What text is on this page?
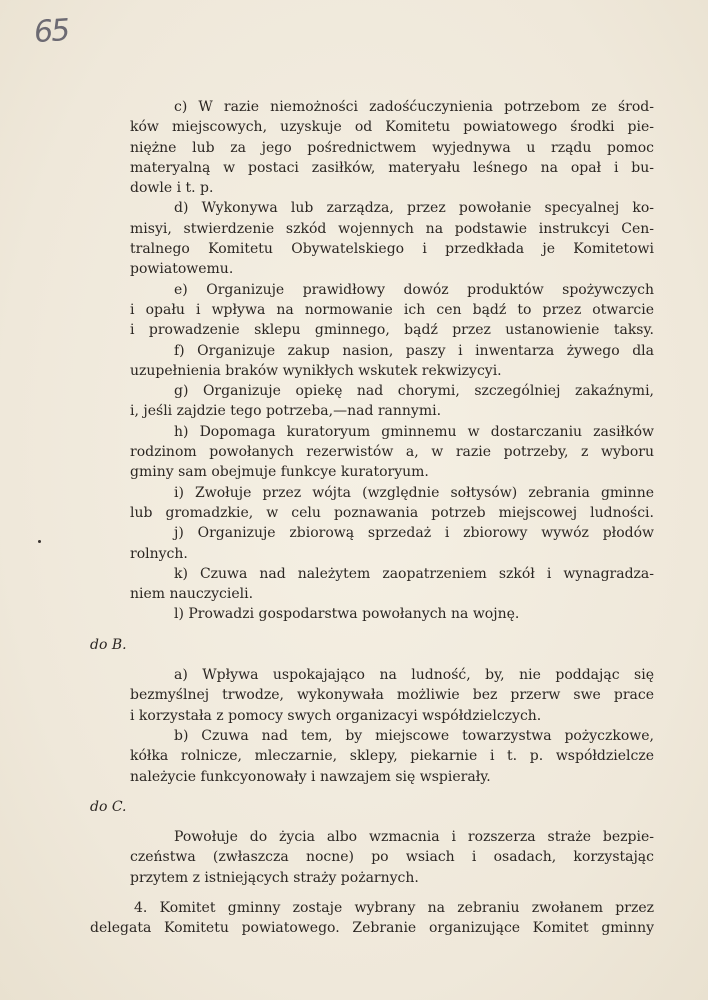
65
c) W razie niemożności zadośćuczynienia potrzebom ze środ-
ków miejscowych, uzyskuje od Komitetu powiatowego środki pie-
niężne lub za jego pośrednictwem wyjednywa u rządu pomoc
materyalną w postaci zasiłków, materyału leśnego na opał i bu-
dowle i t. p.
d) Wykonywa lub zarządza, przez powołanie specyalnej ko-
misyi, stwierdzenie szkód wojennych na podstawie instrukcyi Cen-
tralnego Komitetu Obywatelskiego i przedkłada je Komitetowi
powiatowemu.
e) Organizuje prawidłowy dowóz produktów spożywczych
i opału i wpływa na normowanie ich cen bądź to przez otwarcie
i prowadzenie sklepu gminnego, bądź przez ustanowienie taksy.
f) Organizuje zakup nasion, paszy i inwentarza żywego dla
uzupełnienia braków wynikłych wskutek rekwizycyi.
g) Organizuje opiekę nad chorymi, szczególniej zakaźnymi,
i, jeśli zajdzie tego potrzeba,—nad rannymi.
h) Dopomaga kuratoryum gminnemu w dostarczaniu zasiłków
rodzinom powołanych rezerwistów a, w razie potrzeby, z wyboru
gminy sam obejmuje funkcye kuratoryum.
i) Zwołuje przez wójta (względnie sołtysów) zebrania gminne
lub gromadzkie, w celu poznawania potrzeb miejscowej ludności.
j) Organizuje zbiorową sprzedaż i zbiorowy wywóz płodów
rolnych.
k) Czuwa nad należytem zaopatrzeniem szkół i wynagradza-
niem nauczycieli.
l) Prowadzi gospodarstwa powołanych na wojnę.
do B.
a) Wpływa uspokajająco na ludność, by, nie poddając się
bezmyślnej trwodze, wykonywała możliwie bez przerw swe prace
i korzystała z pomocy swych organizacyi współdzielczych.
b) Czuwa nad tem, by miejscowe towarzystwa pożyczkowe,
kółka rolnicze, mleczarnie, sklepy, piekarnie i t. p. współdzielcze
należycie funkcyonowały i nawzajem się wspierały.
do C.
Powołuje do życia albo wzmacnia i rozszerza straże bezpie-
czeństwa (zwłaszcza nocne) po wsiach i osadach, korzystając
przytem z istniejących straży pożarnych.
4. Komitet gminny zostaje wybrany na zebraniu zwołanem przez
delegata Komitetu powiatowego. Zebranie organizujące Komitet gminny
